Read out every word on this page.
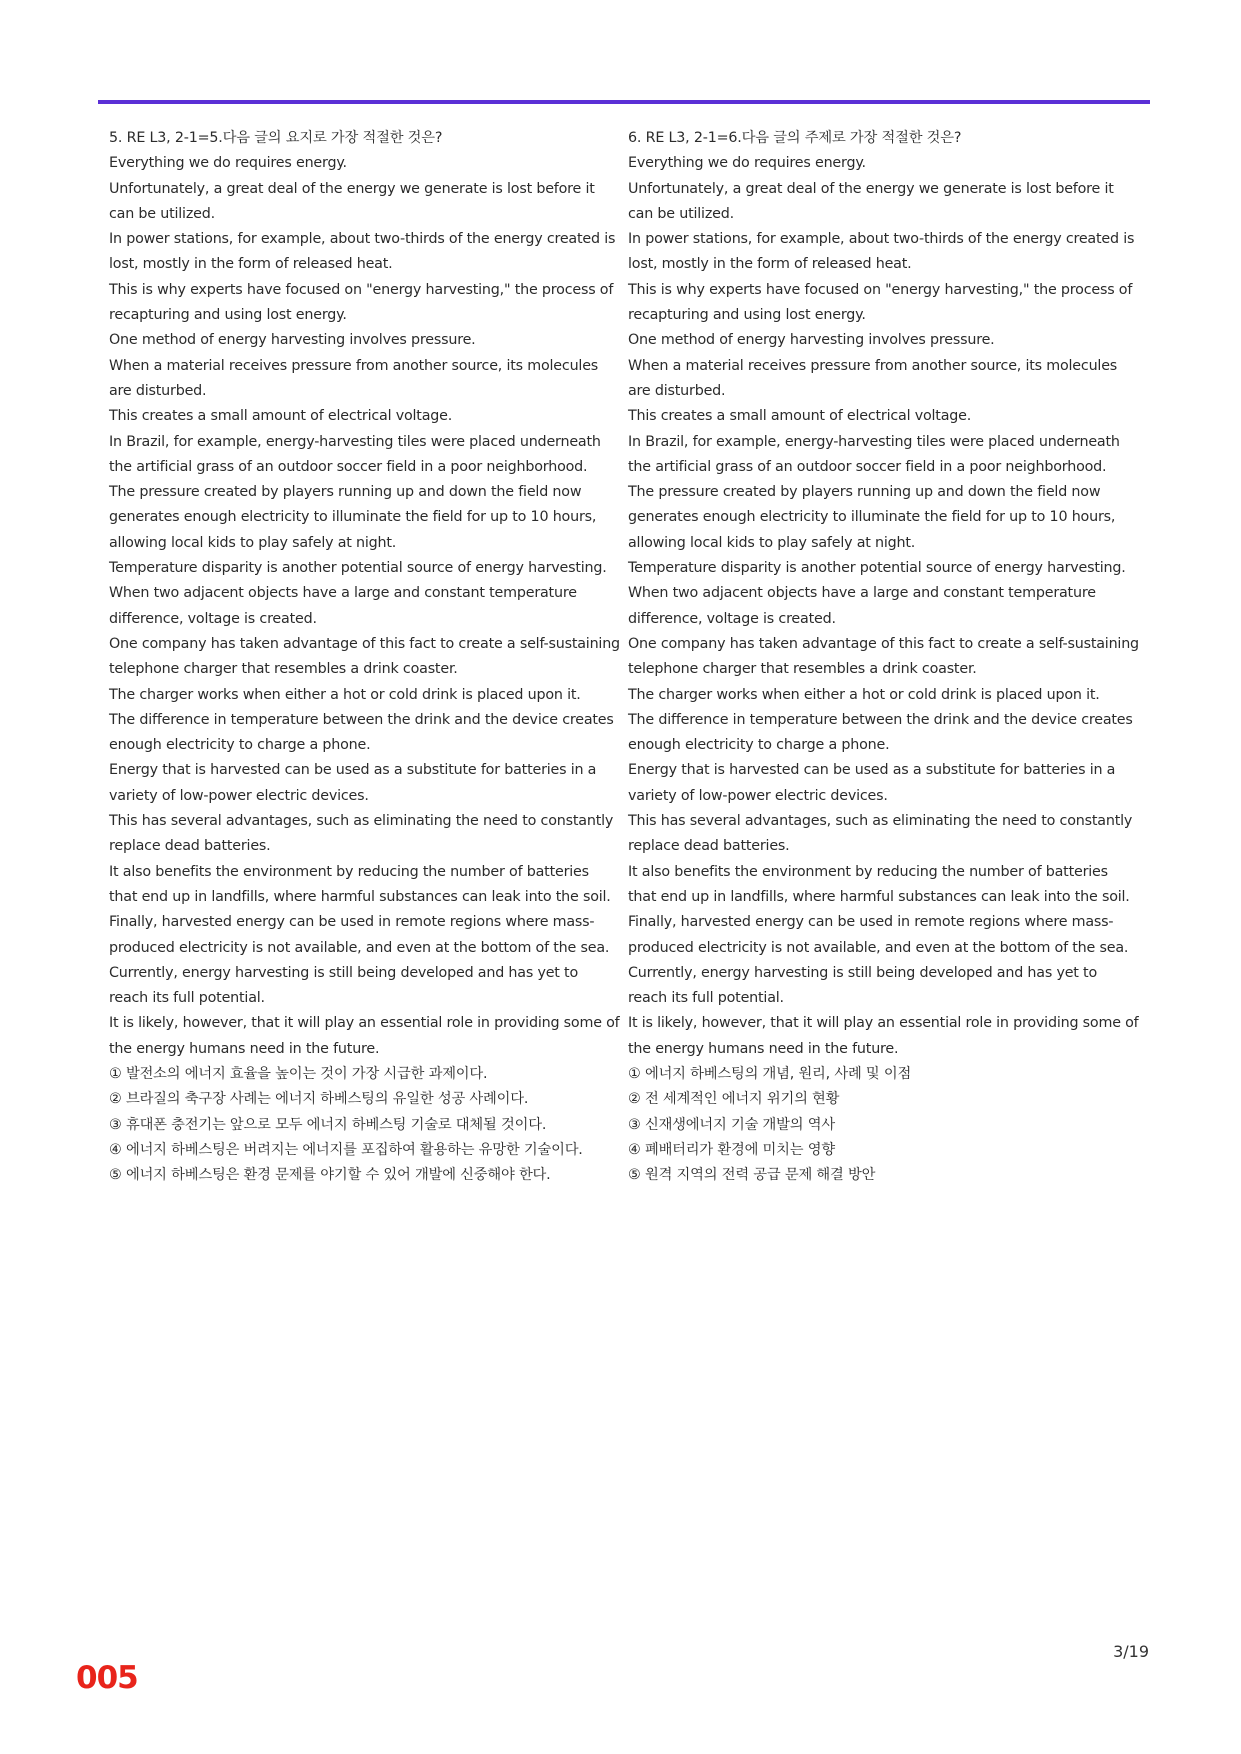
5. RE L3, 2-1=5.다음 글의 요지로 가장 적절한 것은?

Everything we do requires energy.

Unfortunately, a great deal of the energy we generate is lost before it can be utilized.

In power stations, for example, about two-thirds of the energy created is lost, mostly in the form of released heat.

This is why experts have focused on "energy harvesting," the process of recapturing and using lost energy.

One method of energy harvesting involves pressure.

When a material receives pressure from another source, its molecules are disturbed.

This creates a small amount of electrical voltage.

In Brazil, for example, energy-harvesting tiles were placed underneath the artificial grass of an outdoor soccer field in a poor neighborhood.

The pressure created by players running up and down the field now generates enough electricity to illuminate the field for up to 10 hours, allowing local kids to play safely at night.

Temperature disparity is another potential source of energy harvesting.

When two adjacent objects have a large and constant temperature difference, voltage is created.

One company has taken advantage of this fact to create a self-sustaining telephone charger that resembles a drink coaster.

The charger works when either a hot or cold drink is placed upon it.

The difference in temperature between the drink and the device creates enough electricity to charge a phone.

Energy that is harvested can be used as a substitute for batteries in a variety of low-power electric devices.

This has several advantages, such as eliminating the need to constantly replace dead batteries.

It also benefits the environment by reducing the number of batteries that end up in landfills, where harmful substances can leak into the soil.

Finally, harvested energy can be used in remote regions where mass-produced electricity is not available, and even at the bottom of the sea.

Currently, energy harvesting is still being developed and has yet to reach its full potential.

It is likely, however, that it will play an essential role in providing some of the energy humans need in the future.

① 발전소의 에너지 효율을 높이는 것이 가장 시급한 과제이다.
② 브라질의 축구장 사례는 에너지 하베스팅의 유일한 성공 사례이다.
③ 휴대폰 충전기는 앞으로 모두 에너지 하베스팅 기술로 대체될 것이다.
④ 에너지 하베스팅은 버려지는 에너지를 포집하여 활용하는 유망한 기술이다.
⑤ 에너지 하베스팅은 환경 문제를 야기할 수 있어 개발에 신중해야 한다.

6. RE L3, 2-1=6.다음 글의 주제로 가장 적절한 것은?

Everything we do requires energy.

Unfortunately, a great deal of the energy we generate is lost before it can be utilized.

In power stations, for example, about two-thirds of the energy created is lost, mostly in the form of released heat.

This is why experts have focused on "energy harvesting," the process of recapturing and using lost energy.

One method of energy harvesting involves pressure.

When a material receives pressure from another source, its molecules are disturbed.

This creates a small amount of electrical voltage.

In Brazil, for example, energy-harvesting tiles were placed underneath the artificial grass of an outdoor soccer field in a poor neighborhood.

The pressure created by players running up and down the field now generates enough electricity to illuminate the field for up to 10 hours, allowing local kids to play safely at night.

Temperature disparity is another potential source of energy harvesting.

When two adjacent objects have a large and constant temperature difference, voltage is created.

One company has taken advantage of this fact to create a self-sustaining telephone charger that resembles a drink coaster.

The charger works when either a hot or cold drink is placed upon it.

The difference in temperature between the drink and the device creates enough electricity to charge a phone.

Energy that is harvested can be used as a substitute for batteries in a variety of low-power electric devices.

This has several advantages, such as eliminating the need to constantly replace dead batteries.

It also benefits the environment by reducing the number of batteries that end up in landfills, where harmful substances can leak into the soil.

Finally, harvested energy can be used in remote regions where mass-produced electricity is not available, and even at the bottom of the sea.

Currently, energy harvesting is still being developed and has yet to reach its full potential.

It is likely, however, that it will play an essential role in providing some of the energy humans need in the future.

① 에너지 하베스팅의 개념, 원리, 사례 및 이점
② 전 세계적인 에너지 위기의 현황
③ 신재생에너지 기술 개발의 역사
④ 폐배터리가 환경에 미치는 영향
⑤ 원격 지역의 전력 공급 문제 해결 방안
3/19
005
